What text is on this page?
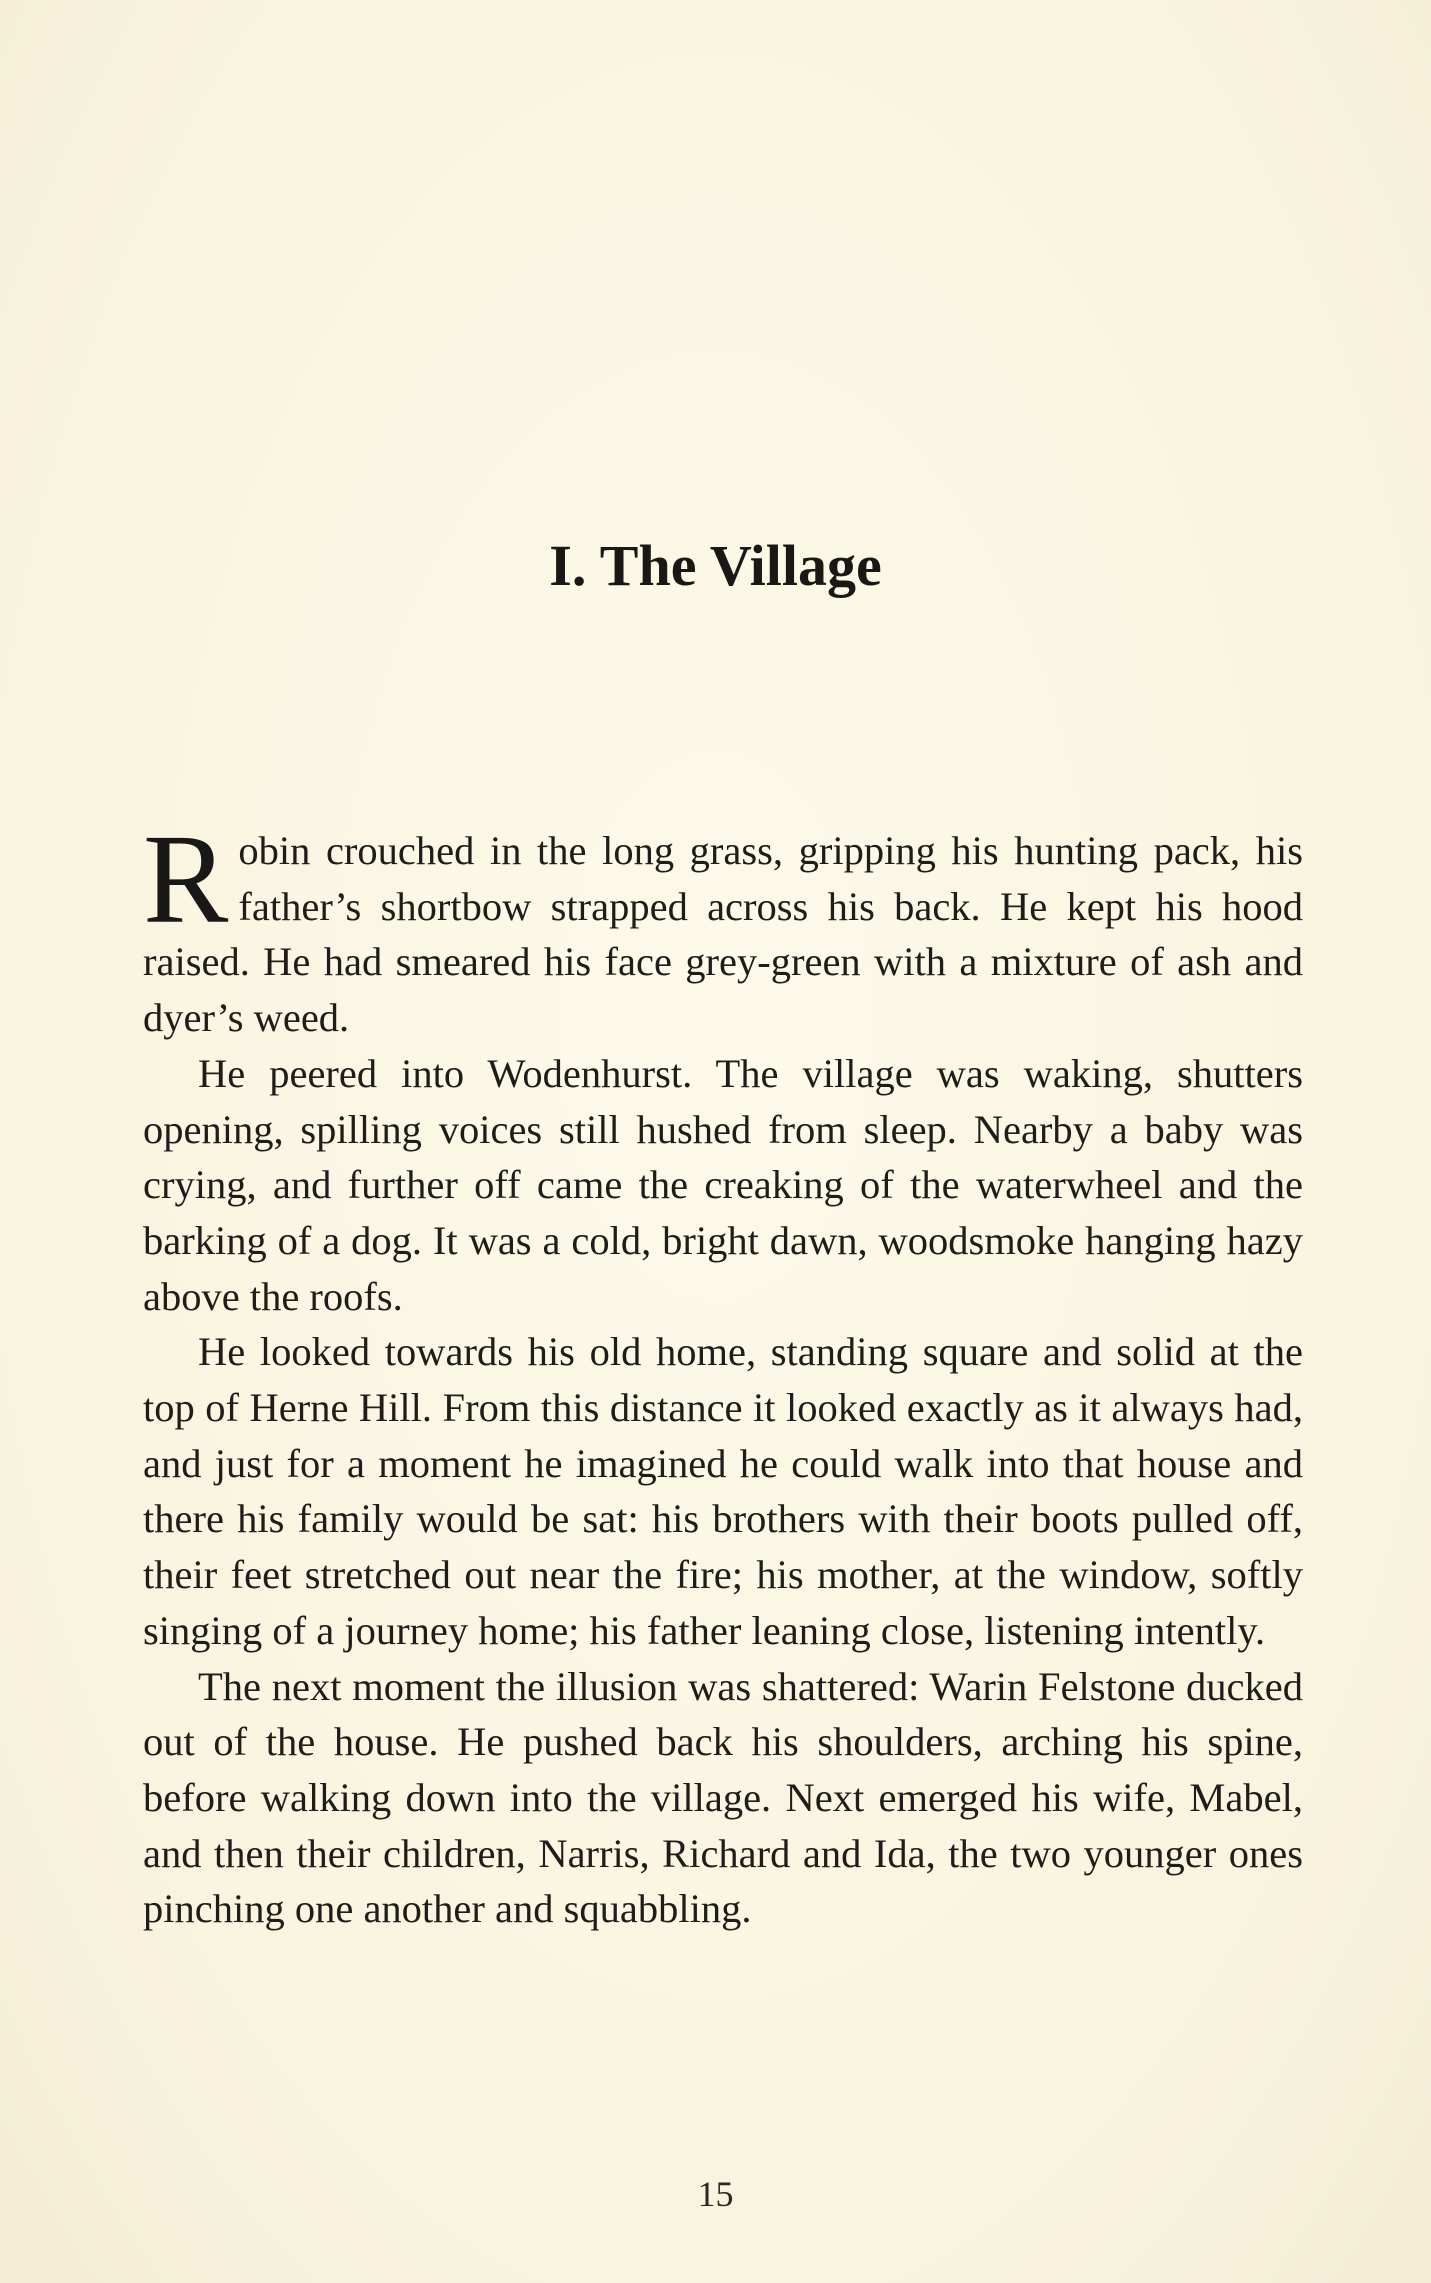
I. The Village

Robin crouched in the long grass, gripping his hunting pack, his father’s shortbow strapped across his back. He kept his hood raised. He had smeared his face grey-green with a mixture of ash and dyer’s weed.

He peered into Wodenhurst. The village was waking, shutters opening, spilling voices still hushed from sleep. Nearby a baby was crying, and further off came the creaking of the waterwheel and the barking of a dog. It was a cold, bright dawn, woodsmoke hanging hazy above the roofs.

He looked towards his old home, standing square and solid at the top of Herne Hill. From this distance it looked exactly as it always had, and just for a moment he imagined he could walk into that house and there his family would be sat: his brothers with their boots pulled off, their feet stretched out near the fire; his mother, at the window, softly singing of a journey home; his father leaning close, listening intently.

The next moment the illusion was shattered: Warin Felstone ducked out of the house. He pushed back his shoulders, arching his spine, before walking down into the village. Next emerged his wife, Mabel, and then their children, Narris, Richard and Ida, the two younger ones pinching one another and squabbling.

15
